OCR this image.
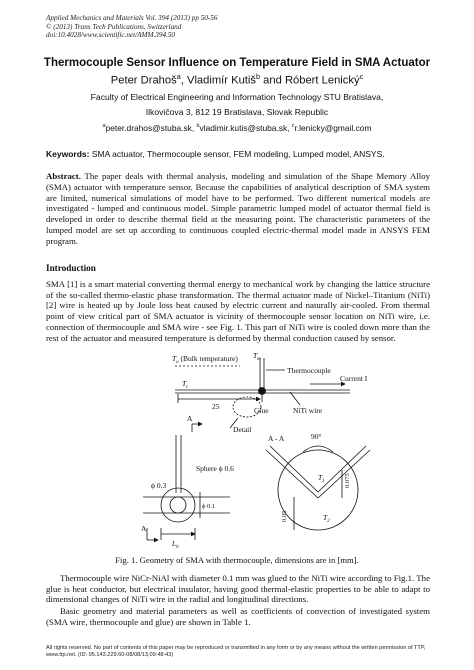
Applied Mechanics and Materials Vol. 394 (2013) pp 50-56
© (2013) Trans Tech Publications, Switzerland
doi:10.4028/www.scientific.net/AMM.394.50
Thermocouple Sensor Influence on Temperature Field in SMA Actuator
Peter Drahoš$^a$, Vladimír Kutiš$^b$ and Róbert Lenický$^c$
Faculty of Electrical Engineering and Information Technology STU Bratislava,
Ilkovičova 3, 812 19 Bratislava, Slovak Republic
$^a$peter.drahos@stuba.sk, $^b$vladimir.kutis@stuba.sk, $^c$r.lenicky@gmail.com
Keywords: SMA actuator, Thermocouple sensor, FEM modeling, Lumped model, ANSYS.
Abstract. The paper deals with thermal analysis, modeling and simulation of the Shape Memory Alloy (SMA) actuator with temperature sensor. Because the capabilities of analytical description of SMA system are limited, numerical simulations of model have to be performed. Two different numerical models are investigated - lumped and continuous model. Simple parametric lumped model of actuator thermal field is developed in order to describe thermal field at the measuring point. The characteristic parameters of the lumped model are set up according to continuous coupled electric-thermal model made in ANSYS FEM program.
Introduction
SMA [1] is a smart material converting thermal energy to mechanical work by changing the lattice structure of the so-called thermo-elastic phase transformation. The thermal actuator made of Nickel–Titanium (NiTi) [2] wire is heated up by Joule loss heat caused by electric current and naturally air-cooled. From thermal point of view critical part of SMA actuator is vicinity of thermocouple sensor location on NiTi wire, i.e. connection of thermocouple and SMA wire - see Fig. 1. This part of NiTi wire is cooled down more than the rest of the actuator and measured temperature is deformed by thermal conduction caused by sensor.
$T_a$ (Bulk temperature) $T_m$
$T_r$
Thermocouple
Current I
25	Glue	NiTi wire
A
Detail
ϕ 0.3
Sphere ϕ 0.6
ϕ 0.1
$L_h$
A
A - A	90°
$T_1$
$T_2$
0.075
0.05
Fig. 1. Geometry of SMA with thermocouple, dimensions are in [mm].
Thermocouple wire NiCr-NiAl with diameter 0.1 mm was glued to the NiTi wire according to Fig.1. The glue is heat conductor, but electrical insulator, having good thermal-elastic properties to be able to adapt to dimensional changes of NiTi wire in the radial and longitudinal directions.
Basic geometry and material parameters as well as coefficients of convection of investigated system (SMA wire, thermocouple and glue) are shown in Table 1.
All rights reserved. No part of contents of this paper may be reproduced or transmitted in any form or by any means without the written permission of TTP,
www.ttp.net. (ID: 95.143.229.60-08/08/13,09:48:43)
